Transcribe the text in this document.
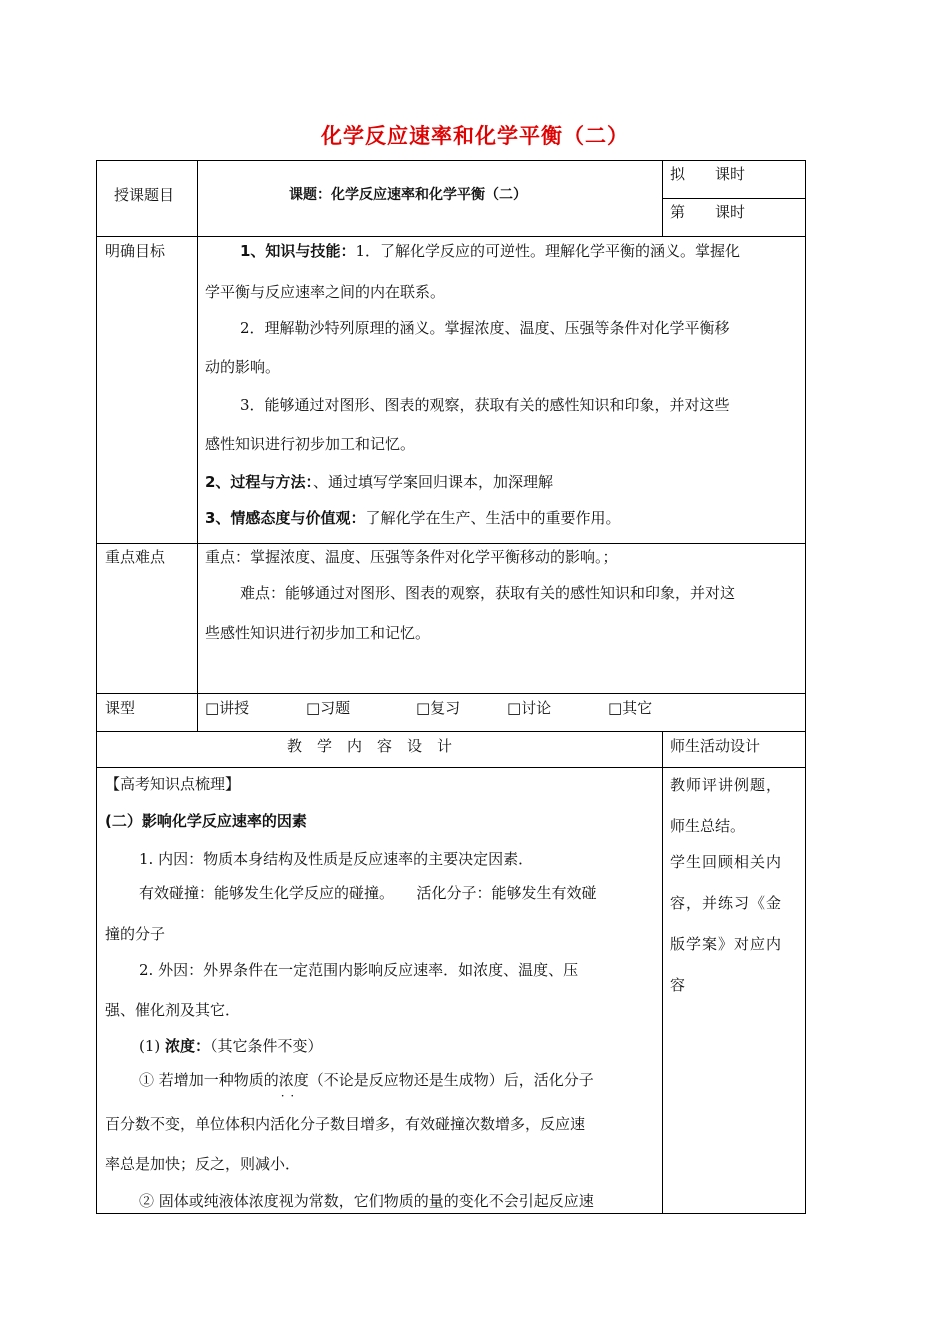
化学反应速率和化学平衡（二）
授课题目	课题：化学反应速率和化学平衡（二）
拟　　课时
第　　课时
明确目标	1、知识与技能：1．了解化学反应的可逆性。理解化学平衡的涵义。掌握化
学平衡与反应速率之间的内在联系。
2．理解勒沙特列原理的涵义。掌握浓度、温度、压强等条件对化学平衡移
动的影响。
3．能够通过对图形、图表的观察，获取有关的感性知识和印象，并对这些
感性知识进行初步加工和记忆。
2、过程与方法：、通过填写学案回归课本，加深理解
3、情感态度与价值观：了解化学在生产、生活中的重要作用。
重点难点	重点：掌握浓度、温度、压强等条件对化学平衡移动的影响。；
难点：能够通过对图形、图表的观察，获取有关的感性知识和印象，并对这
些感性知识进行初步加工和记忆。
课型	□讲授	□习题	□复习	□讨论	□其它
教　学　内　容　设　计	师生活动设计
【高考知识点梳理】
(二）影响化学反应速率的因素
1. 内因：物质本身结构及性质是反应速率的主要决定因素．
有效碰撞：能够发生化学反应的碰撞。　　活化分子：能够发生有效碰
撞的分子
2. 外因：外界条件在一定范围内影响反应速率．如浓度、温度、压
强、催化剂及其它．
(1) 浓度：（其它条件不变）
① 若增加一种物质的浓度 · ·（不论是反应物还是生成物）后，活化分子
百分数不变，单位体积内活化分子数目增多，有效碰撞次数增多，反应速
率总是加快；反之，则减小．
② 固体或纯液体浓度视为常数，它们物质的量的变化不会引起反应速
教师评讲例题，
师生总结。
学生回顾相关内
容，并练习《金
版学案》对应内
容
